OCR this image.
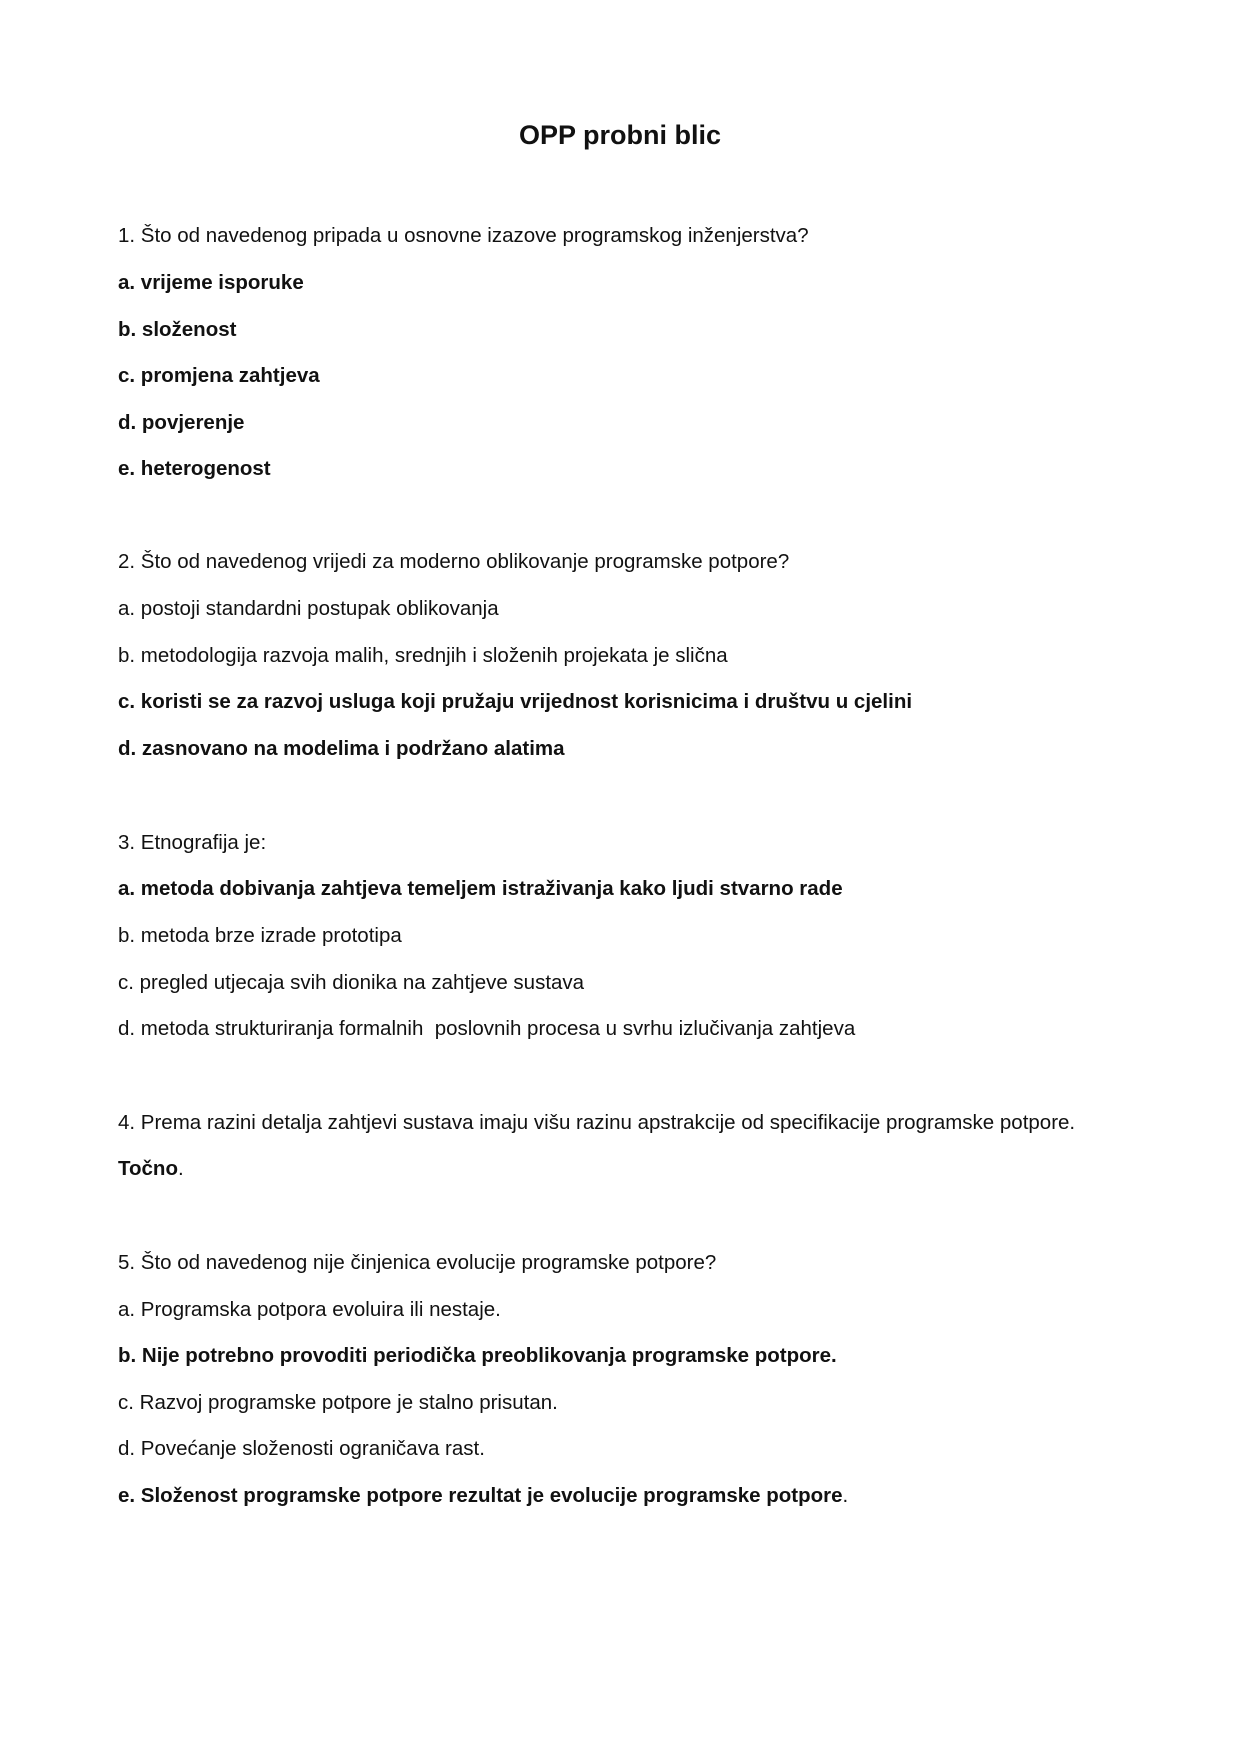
OPP probni blic
1. Što od navedenog pripada u osnovne izazove programskog inženjerstva?
a. vrijeme isporuke
b. složenost
c. promjena zahtjeva
d. povjerenje
e. heterogenost
2. Što od navedenog vrijedi za moderno oblikovanje programske potpore?
a. postoji standardni postupak oblikovanja
b. metodologija razvoja malih, srednjih i složenih projekata je slična
c. koristi se za razvoj usluga koji pružaju vrijednost korisnicima i društvu u cjelini
d. zasnovano na modelima i podržano alatima
3. Etnografija je:
a. metoda dobivanja zahtjeva temeljem istraživanja kako ljudi stvarno rade
b. metoda brze izrade prototipa
c. pregled utjecaja svih dionika na zahtjeve sustava
d. metoda strukturiranja formalnih  poslovnih procesa u svrhu izlučivanja zahtjeva
4. Prema razini detalja zahtjevi sustava imaju višu razinu apstrakcije od specifikacije programske potpore.
Točno.
5. Što od navedenog nije činjenica evolucije programske potpore?
a. Programska potpora evoluira ili nestaje.
b. Nije potrebno provoditi periodička preoblikovanja programske potpore.
c. Razvoj programske potpore je stalno prisutan.
d. Povećanje složenosti ograničava rast.
e. Složenost programske potpore rezultat je evolucije programske potpore.
